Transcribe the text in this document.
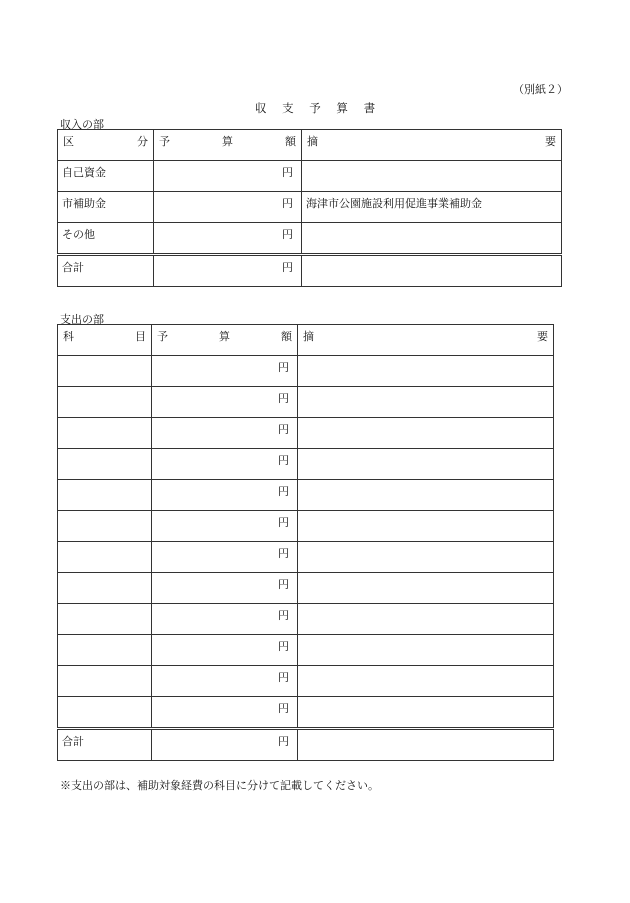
（別紙２）
収 支 予 算 書
収入の部
区 分	予 算 額	摘 要

自己資金	円	

市補助金	円	海津市公園施設利用促進事業補助金

その他	円	

合計	円	

支出の部
科 目	予 算 額	摘 要

	円	

	円	

	円	

	円	

	円	

	円	

	円	

	円	

	円	

	円	

	円	

	円	

合計	円	

※支出の部は、補助対象経費の科目に分けて記載してください。
